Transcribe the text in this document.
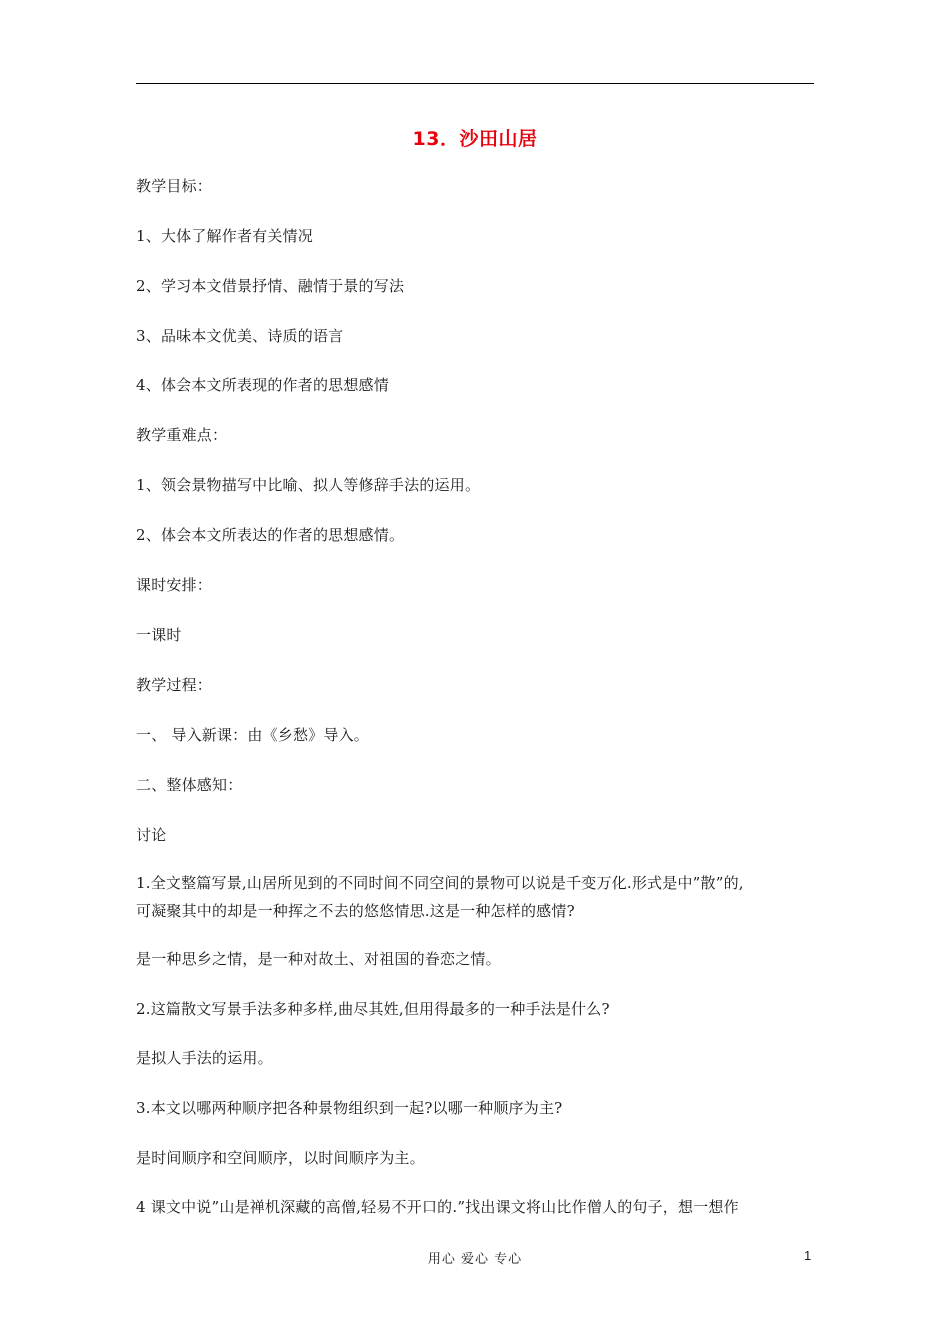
13．沙田山居
教学目标：
1、大体了解作者有关情况
2、学习本文借景抒情、融情于景的写法
3、品味本文优美、诗质的语言
4、体会本文所表现的作者的思想感情
教学重难点：
1、领会景物描写中比喻、拟人等修辞手法的运用。
2、体会本文所表达的作者的思想感情。
课时安排：
一课时
教学过程：
一、 导入新课：由《乡愁》导入。
二、整体感知：
讨论
1.全文整篇写景,山居所见到的不同时间不同空间的景物可以说是千变万化.形式是中”散”的,
可凝聚其中的却是一种挥之不去的悠悠情思.这是一种怎样的感情?
是一种思乡之情，是一种对故土、对祖国的眷恋之情。
2.这篇散文写景手法多种多样,曲尽其姓,但用得最多的一种手法是什么?
是拟人手法的运用。
3.本文以哪两种顺序把各种景物组织到一起?以哪一种顺序为主?
是时间顺序和空间顺序，以时间顺序为主。
4 课文中说”山是禅机深藏的高僧,轻易不开口的.”找出课文将山比作僧人的句子，想一想作
用心 爱心 专心	1
